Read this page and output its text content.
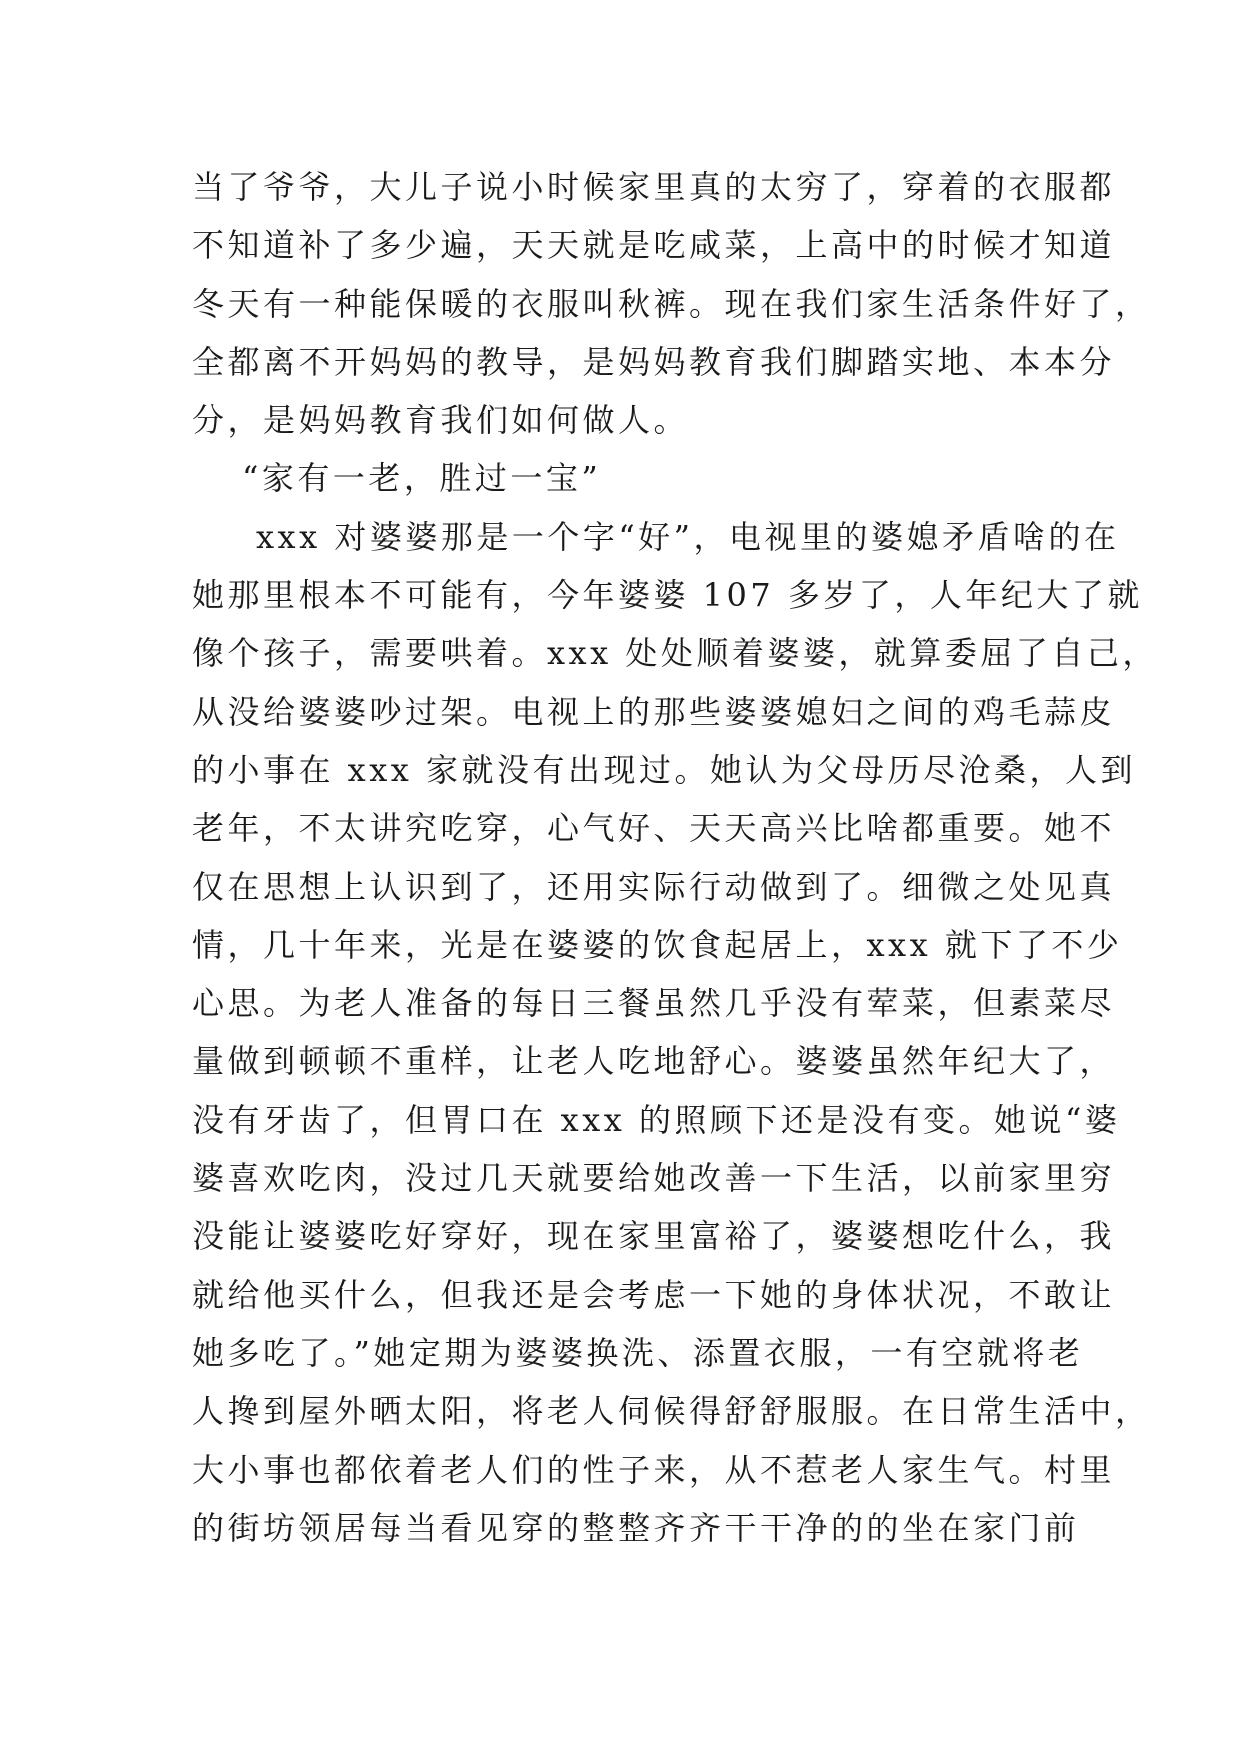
当了爷爷，大儿子说小时候家里真的太穷了，穿着的衣服都
不知道补了多少遍，天天就是吃咸菜，上高中的时候才知道
冬天有一种能保暖的衣服叫秋裤。现在我们家生活条件好了，
全都离不开妈妈的教导，是妈妈教育我们脚踏实地、本本分
分，是妈妈教育我们如何做人。
“家有一老，胜过一宝”
xxx 对婆婆那是一个字“好”，电视里的婆媳矛盾啥的在
她那里根本不可能有，今年婆婆 107 多岁了，人年纪大了就
像个孩子，需要哄着。xxx 处处顺着婆婆，就算委屈了自己，
从没给婆婆吵过架。电视上的那些婆婆媳妇之间的鸡毛蒜皮
的小事在 xxx 家就没有出现过。她认为父母历尽沧桑，人到
老年，不太讲究吃穿，心气好、天天高兴比啥都重要。她不
仅在思想上认识到了，还用实际行动做到了。细微之处见真
情，几十年来，光是在婆婆的饮食起居上，xxx 就下了不少
心思。为老人准备的每日三餐虽然几乎没有荤菜，但素菜尽
量做到顿顿不重样，让老人吃地舒心。婆婆虽然年纪大了，
没有牙齿了，但胃口在 xxx 的照顾下还是没有变。她说“婆
婆喜欢吃肉，没过几天就要给她改善一下生活，以前家里穷
没能让婆婆吃好穿好，现在家里富裕了，婆婆想吃什么，我
就给他买什么，但我还是会考虑一下她的身体状况，不敢让
她多吃了。”她定期为婆婆换洗、添置衣服，一有空就将老
人搀到屋外晒太阳，将老人伺候得舒舒服服。在日常生活中，
大小事也都依着老人们的性子来，从不惹老人家生气。村里
的街坊领居每当看见穿的整整齐齐干干净的的坐在家门前
